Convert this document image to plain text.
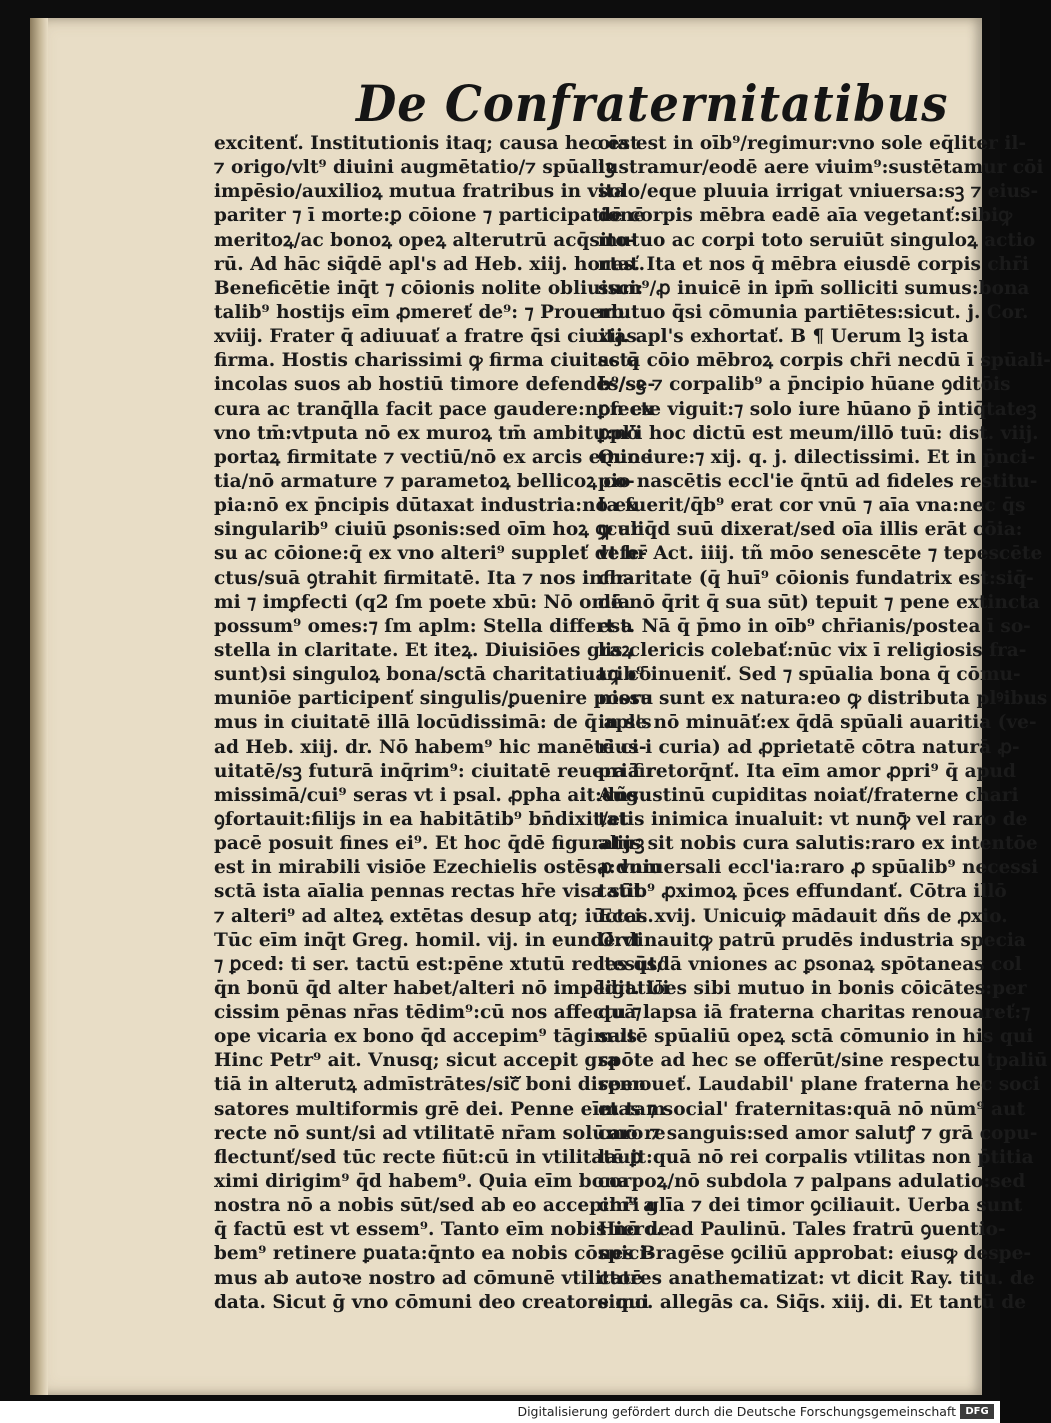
De Confraternitatibus
excitenť. Institutionis itaq; causa hec est
⁊ origo/vlt⁹ diuini augmētatio/⁊ spūaliꝫ
impēsio/auxilioꝝ mutua fratribus in vita
pariter ⁊ ī morte:ꝑ cōione ⁊ participationē
meritoꝝ/ac bonoꝝ opeꝝ alterutrū acq̄sito-
rū. Ad hāc siq̄dē apl's ad Heb. xiij. hortať.
Beneficētie inq̄t ⁊ cōionis nolite obliuisci:
talib⁹ hostijs eīm ꝓmereť de⁹: ⁊ Prouerb.
xviij. Frater q̄ adiuuať a fratre q̄si ciuitas
firma. Hostis charissimi ꝙ firma ciuitas q̄
incolas suos ab hostiū timore defendēs/se-
cura ac tranq̄lla facit pace gaudere:non ex
vno tm̄:vtputa nō ex muroꝝ tm̄ ambitu:nō
portaꝝ firmitate ⁊ vectiū/nō ex arcis emine
tia/nō armature ⁊ parametoꝝ bellicoꝝ co-
pia:nō ex p̄ncipis dūtaxat industria:nō ex
singularib⁹ ciuiū ꝑsonis:sed oīm hoꝝ ꝯcur
su ac cōione:q̄ ex vno alteri⁹ suppleť defe-
ctus/suā ꝯtrahit firmitatē. Ita ⁊ nos infir-
mi ⁊ imꝑfecti (q2 ſm poete xbū: Nō omia
possum⁹ omes:⁊ ſm aplm: Stella differt a
stella in claritate. Et iteꝝ. Diuisiōes graꝝ
sunt)si singuloꝝ bona/sctā charitatiuaꝙ cō
muniōe participenť singulis/ꝑuenire possu
mus in ciuitatē illā locūdissimā: de q̄ apl's
ad Heb. xiij. dr. Nō habem⁹ hic manētē ci-
uitatē/sꝫ futurā inq̄rim⁹: ciuitatē reuera fir
missimā/cui⁹ seras vt i psal. ꝓpha ait:dñs
ꝯfortauit:filijs in ea habitātib⁹ bn̄dixit/et
pacē posuit fines ei⁹. Et hoc q̄dē figuratuꝫ
est in mirabili visiōe Ezechielis ostēsa:dum
sctā ista aīalia pennas rectas hr̄e visa sūt
⁊ alteri⁹ ad alteꝝ extētas desup atq; iūctas.
Tūc eīm inq̄t Greg. homil. vij. in eundē:vt
⁊ ꝑced: ti ser. tactū est:pēne xtutū rectesūt/
q̄n bonū q̄d alter habet/alteri nō impēdit. Ui
cissim pēnas nr̄as tēdim⁹:cū nos affectu ⁊
ope vicaria ex bono q̄d accepim⁹ tāgimus
Hinc Petr⁹ ait. Vnusq; sicut accepit gra
tiā in alterutꝝ admīstrātes/sicᷓ boni dispen
satores multiformis grē dei. Penne eīm tam
recte nō sunt/si ad vtilitatē nr̄am solūmō re
flectunť/sed tūc recte fiūt:cū in vtilitatē ꝑ
ximi dirigim⁹ q̄d habem⁹. Quia eīm bona
nostra nō a nobis sūt/sed ab eo accepim⁹ a
q̄ factū est vt essem⁹. Tanto eīm nobis nō de
bem⁹ retinere ꝑuata:q̄nto ea nobis cōspici-
mus ab autoꝛe nostro ad cōmunē vtilitatē
data. Sicut ḡ vno cōmuni deo creatore qui
oīa est in oīb⁹/regimur:vno sole eq̄liter il-
lustramur/eodē aere viuim⁹:sustētamur cōi
solo/eque pluuia irrigat vniuersa:sꝫ ⁊ eius-
dē corpis mēbra eadē aīa vegetanť:sibiꝙ
mutuo ac corpi toto seruiūt singuloꝝ actio
nes. Ita et nos q̄ mēbra eiusdē corpis chr̄i
sum⁹/ꝓ inuicē in ipm̄ solliciti sumus:bona
mutuo q̄si cōmunia partiētes:sicut. j. Cor.
xij. apl's exhortať. B ¶ Uerum lꝫ ista
sctā cōio mēbroꝝ corpis chr̄i necdū ī spūali-
b⁹/sꝫ ⁊ corpalib⁹ a p̄ncipio hūane ꝯditōis
ꝑfecte viguit:⁊ solo iure hūano p̄ intiq̄tateꝫ
ꝑpl'i hoc dictū est meum/illō tuū: dist. viij.
Quo iure:⁊ xij. q. j. dilectissimi. Et in p̄nci-
pio nascētis eccl'ie q̄ntū ad fideles restitu-
ta fuerit/q̄b⁹ erat cor vnū ⁊ aīa vna:nec q̄s
ꝙ aliq̄d suū dixerat/sed oīa illis erāt cōia:
vt hr̄ Act. iiij. tñ mōo senescēte ⁊ tepescēte
charitate (q̄ huī⁹ cōionis fundatrix est:siq̄-
dē nō q̄rit q̄ sua sūt) tepuit ⁊ pene extincta
est. Nā q̄ p̄mo in oīb⁹ chr̄ianis/postea ī so-
lis clericis colebať:nūc vix ī religiosis fra-
trib⁹ inueniť. Sed ⁊ spūalia bona q̄ cōmu-
niora sunt ex natura:eo ꝙ distributa plꝰibus
in se nō minuāť:ex q̄dā spūali auaritia (ve-
rius i curia) ad ꝓprietatē cōtra naturā ꝓ-
priā retorq̄nť. Ita eīm amor ꝓpri⁹ q̄ apud
Augustinū cupiditas noiať/fraterne chari
tatis inimica inualuit: vt nunꝙ̄ vel raro de
alijs sit nobis cura salutis:raro ex intentōe
ꝓ vniuersali eccl'ia:raro ꝓ spūalib⁹ necessi
tatib⁹ ꝓximoꝝ p̄ces effundanť. Cōtra illō
Ecci. xvij. Unicuiꝙ mādauit dñs de ꝓxio.
Ordinauitꝙ patrū prudēs industria specia
les q̄sdā vniones ac ꝑsonaꝝ spōtaneas col
ligatiōes sibi mutuo in bonis cōicātes:per
quā lapsa iā fraterna charitas renouareť:⁊
saltē spūaliū opeꝝ sctā cōmunio in his qui
spōte ad hec se offerūt/sine respectu tpaliū
remoueť. Laudabil' plane fraterna hec soci
etas ⁊ social' fraternitas:quā nō nūm⁹ aut
caro ⁊ sanguis:sed amor salutꝭ ⁊ grā copu-
lauit:quā nō rei corpalis vtilitas non p̄titia
corpoꝝ/nō subdola ⁊ palpans adulatio:sed
chr̄i glīa ⁊ dei timor ꝯciliauit. Uerba sunt
Hiero. ad Paulinū. Tales fratrū ꝯuentio-
nes Bragēse ꝯciliū approbat: eiusꝙ despe-
ctores anathematizat: vt dicit Ray. titu. de
simo. allegās ca. Siq̄s. xiij. di. Et tantū de
Digitalisierung gefördert durch die Deutsche Forschungsgemeinschaft DFG
